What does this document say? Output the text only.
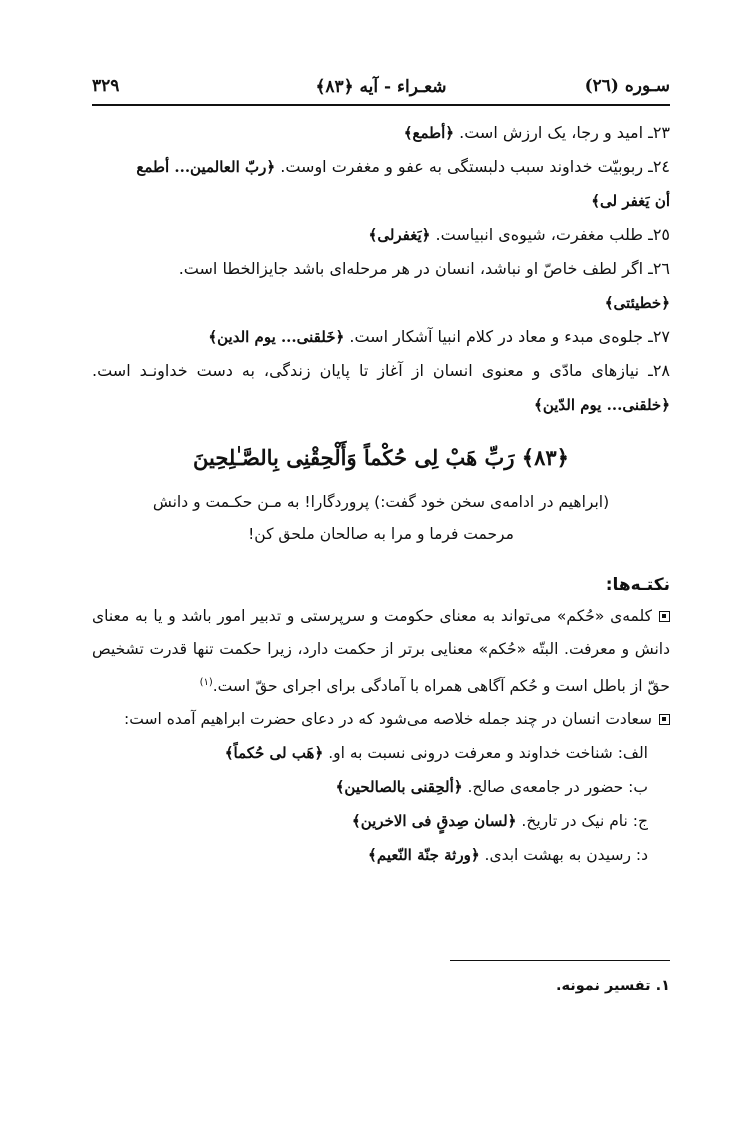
سـوره (٢٦)
شعـراء - آیه ﴿٨٣﴾
٣٢٩
٢٣ـ امید و رجا، یک ارزش است. ﴿أطمع﴾
٢٤ـ ربوبیّت خداوند سبب دلبستگی به عفو و مغفرت اوست. ﴿ربّ العالمین... أطمع
أن یَغفر لی﴾
٢٥ـ طلب مغفرت، شیوه‌ی انبیاست. ﴿یَغفرلی﴾
٢٦ـ اگر لطف خاصّ او نباشد، انسان در هر مرحله‌ای باشد جایزالخطا است.
﴿خطیئتی﴾
٢٧ـ جلوه‌ی مبدء و معاد در کلام انبیا آشکار است. ﴿خَلقنی... یوم الدین﴾
٢٨ـ نیازهای مادّی و معنوی انسان از آغاز تا پایان زندگی، به دست خداونـد است. ﴿خلقنی... یوم الدّین﴾
﴿٨٣﴾ رَبِّ هَبْ لِی حُكْماً وَأَلْحِقْنِی بِالصَّـٰلِحِینَ
(ابراهیم در ادامه‌ی سخن خود گفت:) پروردگارا! به مـن حکـمت و دانش
مرحمت فرما و مرا به صالحان ملحق کن!
نکتـه‌ها:
کلمه‌ی «حُکم» می‌تواند به معنای حکومت و سرپرستی و تدبیر امور باشد و یا به معنای دانش و معرفت. البتّه «حُکم» معنایی برتر از حکمت دارد، زیرا حکمت تنها قدرت تشخیص حقّ از باطل است و حُکم آگاهی همراه با آمادگی برای اجرای حقّ است.$^{(١)}$
سعادت انسان در چند جمله خلاصه می‌شود که در دعای حضرت ابراهیم آمده است:
الف: شناخت خداوند و معرفت درونی نسبت به او. ﴿هَب لی حُکماً﴾
ب: حضور در جامعه‌ی صالح. ﴿ألحِقنی بالصالحین﴾
ج: نام نیک در تاریخ. ﴿لسان صِدقٍ فی الاخرین﴾
د: رسیدن به بهشت ابدی. ﴿ورثة جنّة النّعیم﴾
١. تفسیر نمونه.
